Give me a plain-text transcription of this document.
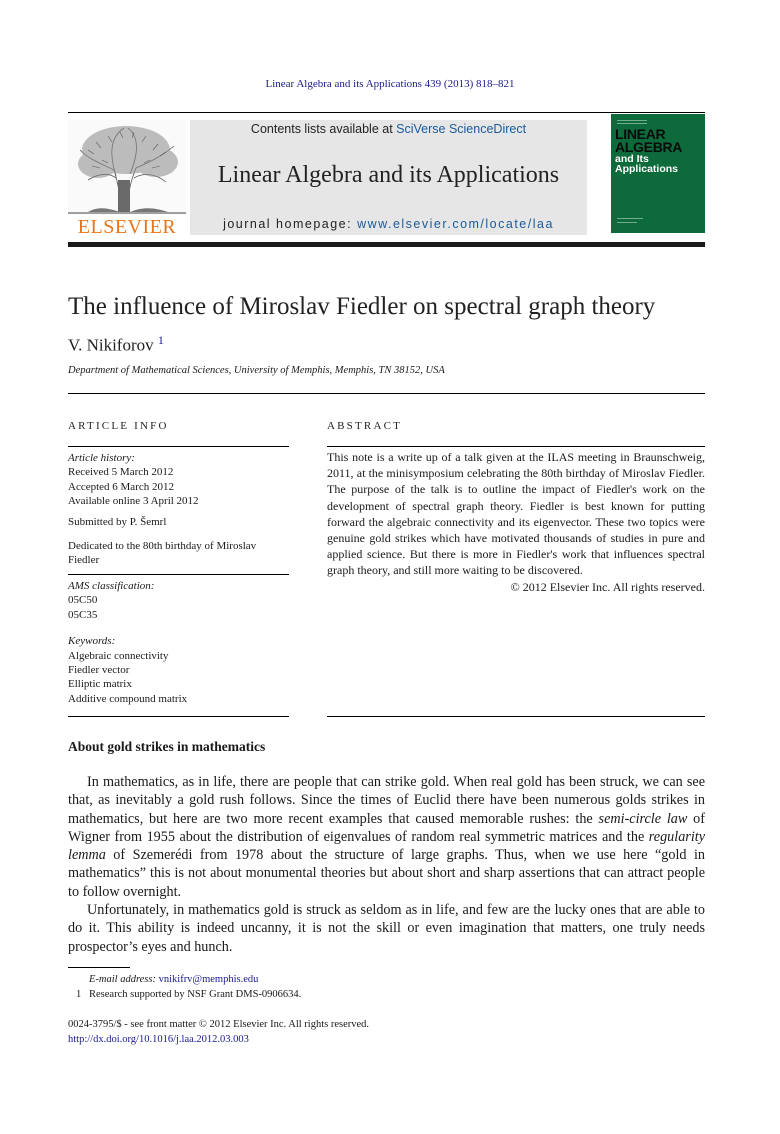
Linear Algebra and its Applications 439 (2013) 818–821
ELSEVIER
Contents lists available at SciVerse ScienceDirect
Linear Algebra and its Applications
journal homepage: www.elsevier.com/locate/laa
LINEAR
ALGEBRA
and Its
Applications
The influence of Miroslav Fiedler on spectral graph theory
V. Nikiforov $^1$
Department of Mathematical Sciences, University of Memphis, Memphis, TN 38152, USA
ARTICLE INFO
Article history:
Received 5 March 2012
Accepted 6 March 2012
Available online 3 April 2012
Submitted by P. Šemrl
Dedicated to the 80th birthday of Miroslav Fiedler
AMS classification:
05C50
05C35
Keywords:
Algebraic connectivity
Fiedler vector
Elliptic matrix
Additive compound matrix
ABSTRACT
This note is a write up of a talk given at the ILAS meeting in Braunschweig, 2011, at the minisymposium celebrating the 80th birthday of Miroslav Fiedler. The purpose of the talk is to outline the impact of Fiedler's work on the development of spectral graph theory. Fiedler is best known for putting forward the algebraic connectivity and its eigenvector. These two topics were genuine gold strikes which have motivated thousands of studies in pure and applied science. But there is more in Fiedler's work that influences spectral graph theory, and still more waiting to be discovered.
© 2012 Elsevier Inc. All rights reserved.
About gold strikes in mathematics

In mathematics, as in life, there are people that can strike gold. When real gold has been struck, we can see that, as inevitably a gold rush follows. Since the times of Euclid there have been numerous golds strikes in mathematics, but here are two more recent examples that caused memorable rushes: the semi-circle law of Wigner from 1955 about the distribution of eigenvalues of random real symmetric matrices and the regularity lemma of Szemerédi from 1978 about the structure of large graphs. Thus, when we use here “gold in mathematics” this is not about monumental theories but about short and sharp assertions that can attract people to follow overnight.

Unfortunately, in mathematics gold is struck as seldom as in life, and few are the lucky ones that are able to do it. This ability is indeed uncanny, it is not the skill or even imagination that matters, one truly needs prospector’s eyes and hunch.

E-mail address: vnikifrv@memphis.edu
1 Research supported by NSF Grant DMS-0906634.
0024-3795/$ - see front matter © 2012 Elsevier Inc. All rights reserved.
http://dx.doi.org/10.1016/j.laa.2012.03.003
